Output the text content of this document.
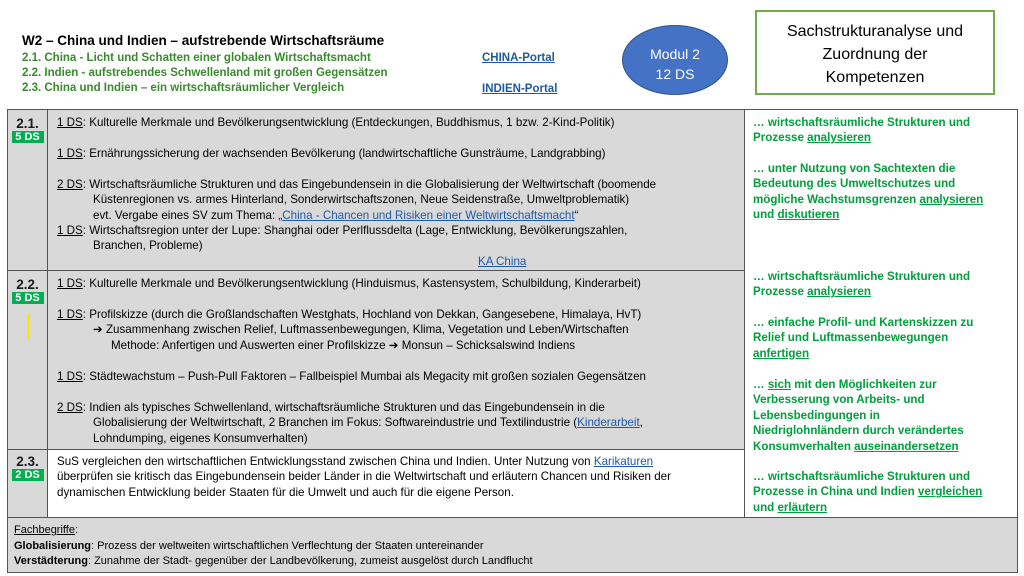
W2 – China und Indien – aufstrebende Wirtschaftsräume
2.1. China - Licht und Schatten einer globalen Wirtschaftsmacht
2.2. Indien - aufstrebendes Schwellenland mit großen Gegensätzen
2.3. China und Indien – ein wirtschaftsräumlicher Vergleich
CHINA-Portal
INDIEN-Portal
Modul 2
12 DS
Sachstrukturanalyse und
Zuordnung der
Kompetenzen
2.1.
5 DS
2.2.
5 DS
2.3.
2 DS
1 DS: Kulturelle Merkmale und Bevölkerungsentwicklung (Entdeckungen, Buddhismus, 1 bzw. 2-Kind-Politik)
1 DS: Ernährungssicherung der wachsenden Bevölkerung (landwirtschaftliche Gunsträume, Landgrabbing)
2 DS: Wirtschaftsräumliche Strukturen und das Eingebundensein in die Globalisierung der Weltwirtschaft (boomende
Küstenregionen vs. armes Hinterland, Sonderwirtschaftszonen, Neue Seidenstraße, Umweltproblematik)
evt. Vergabe eines SV zum Thema: „China - Chancen und Risiken einer Weltwirtschaftsmacht“
1 DS: Wirtschaftsregion unter der Lupe: Shanghai oder Perlflussdelta (Lage, Entwicklung, Bevölkerungszahlen,
Branchen, Probleme)
KA China
1 DS: Kulturelle Merkmale und Bevölkerungsentwicklung (Hinduismus, Kastensystem, Schulbildung, Kinderarbeit)
1 DS: Profilskizze (durch die Großlandschaften Westghats, Hochland von Dekkan, Gangesebene, Himalaya, HvT)
➔ Zusammenhang zwischen Relief, Luftmassenbewegungen, Klima, Vegetation und Leben/Wirtschaften
Methode: Anfertigen und Auswerten einer Profilskizze ➔ Monsun – Schicksalswind Indiens
1 DS: Städtewachstum – Push-Pull Faktoren – Fallbeispiel Mumbai als Megacity mit großen sozialen Gegensätzen
2 DS: Indien als typisches Schwellenland, wirtschaftsräumliche Strukturen und das Eingebundensein in die
Globalisierung der Weltwirtschaft, 2 Branchen im Fokus: Softwareindustrie und Textilindustrie (Kinderarbeit,
Lohndumping, eigenes Konsumverhalten)
SuS vergleichen den wirtschaftlichen Entwicklungsstand zwischen China und Indien. Unter Nutzung von Karikaturen
überprüfen sie kritisch das Eingebundensein beider Länder in die Weltwirtschaft und erläutern Chancen und Risiken der
dynamischen Entwicklung beider Staaten für die Umwelt und auch für die eigene Person.
… wirtschaftsräumliche Strukturen und
Prozesse analysieren
… unter Nutzung von Sachtexten die
Bedeutung des Umweltschutzes und
mögliche Wachstumsgrenzen analysieren
und diskutieren
… wirtschaftsräumliche Strukturen und
Prozesse analysieren
… einfache Profil- und Kartenskizzen zu
Relief und Luftmassenbewegungen
anfertigen
… sich mit den Möglichkeiten zur
Verbesserung von Arbeits- und
Lebensbedingungen in
Niedriglohnländern durch verändertes
Konsumverhalten auseinandersetzen
… wirtschaftsräumliche Strukturen und
Prozesse in China und Indien vergleichen
und erläutern
Fachbegriffe:
Globalisierung: Prozess der weltweiten wirtschaftlichen Verflechtung der Staaten untereinander
Verstädterung: Zunahme der Stadt- gegenüber der Landbevölkerung, zumeist ausgelöst durch Landflucht
